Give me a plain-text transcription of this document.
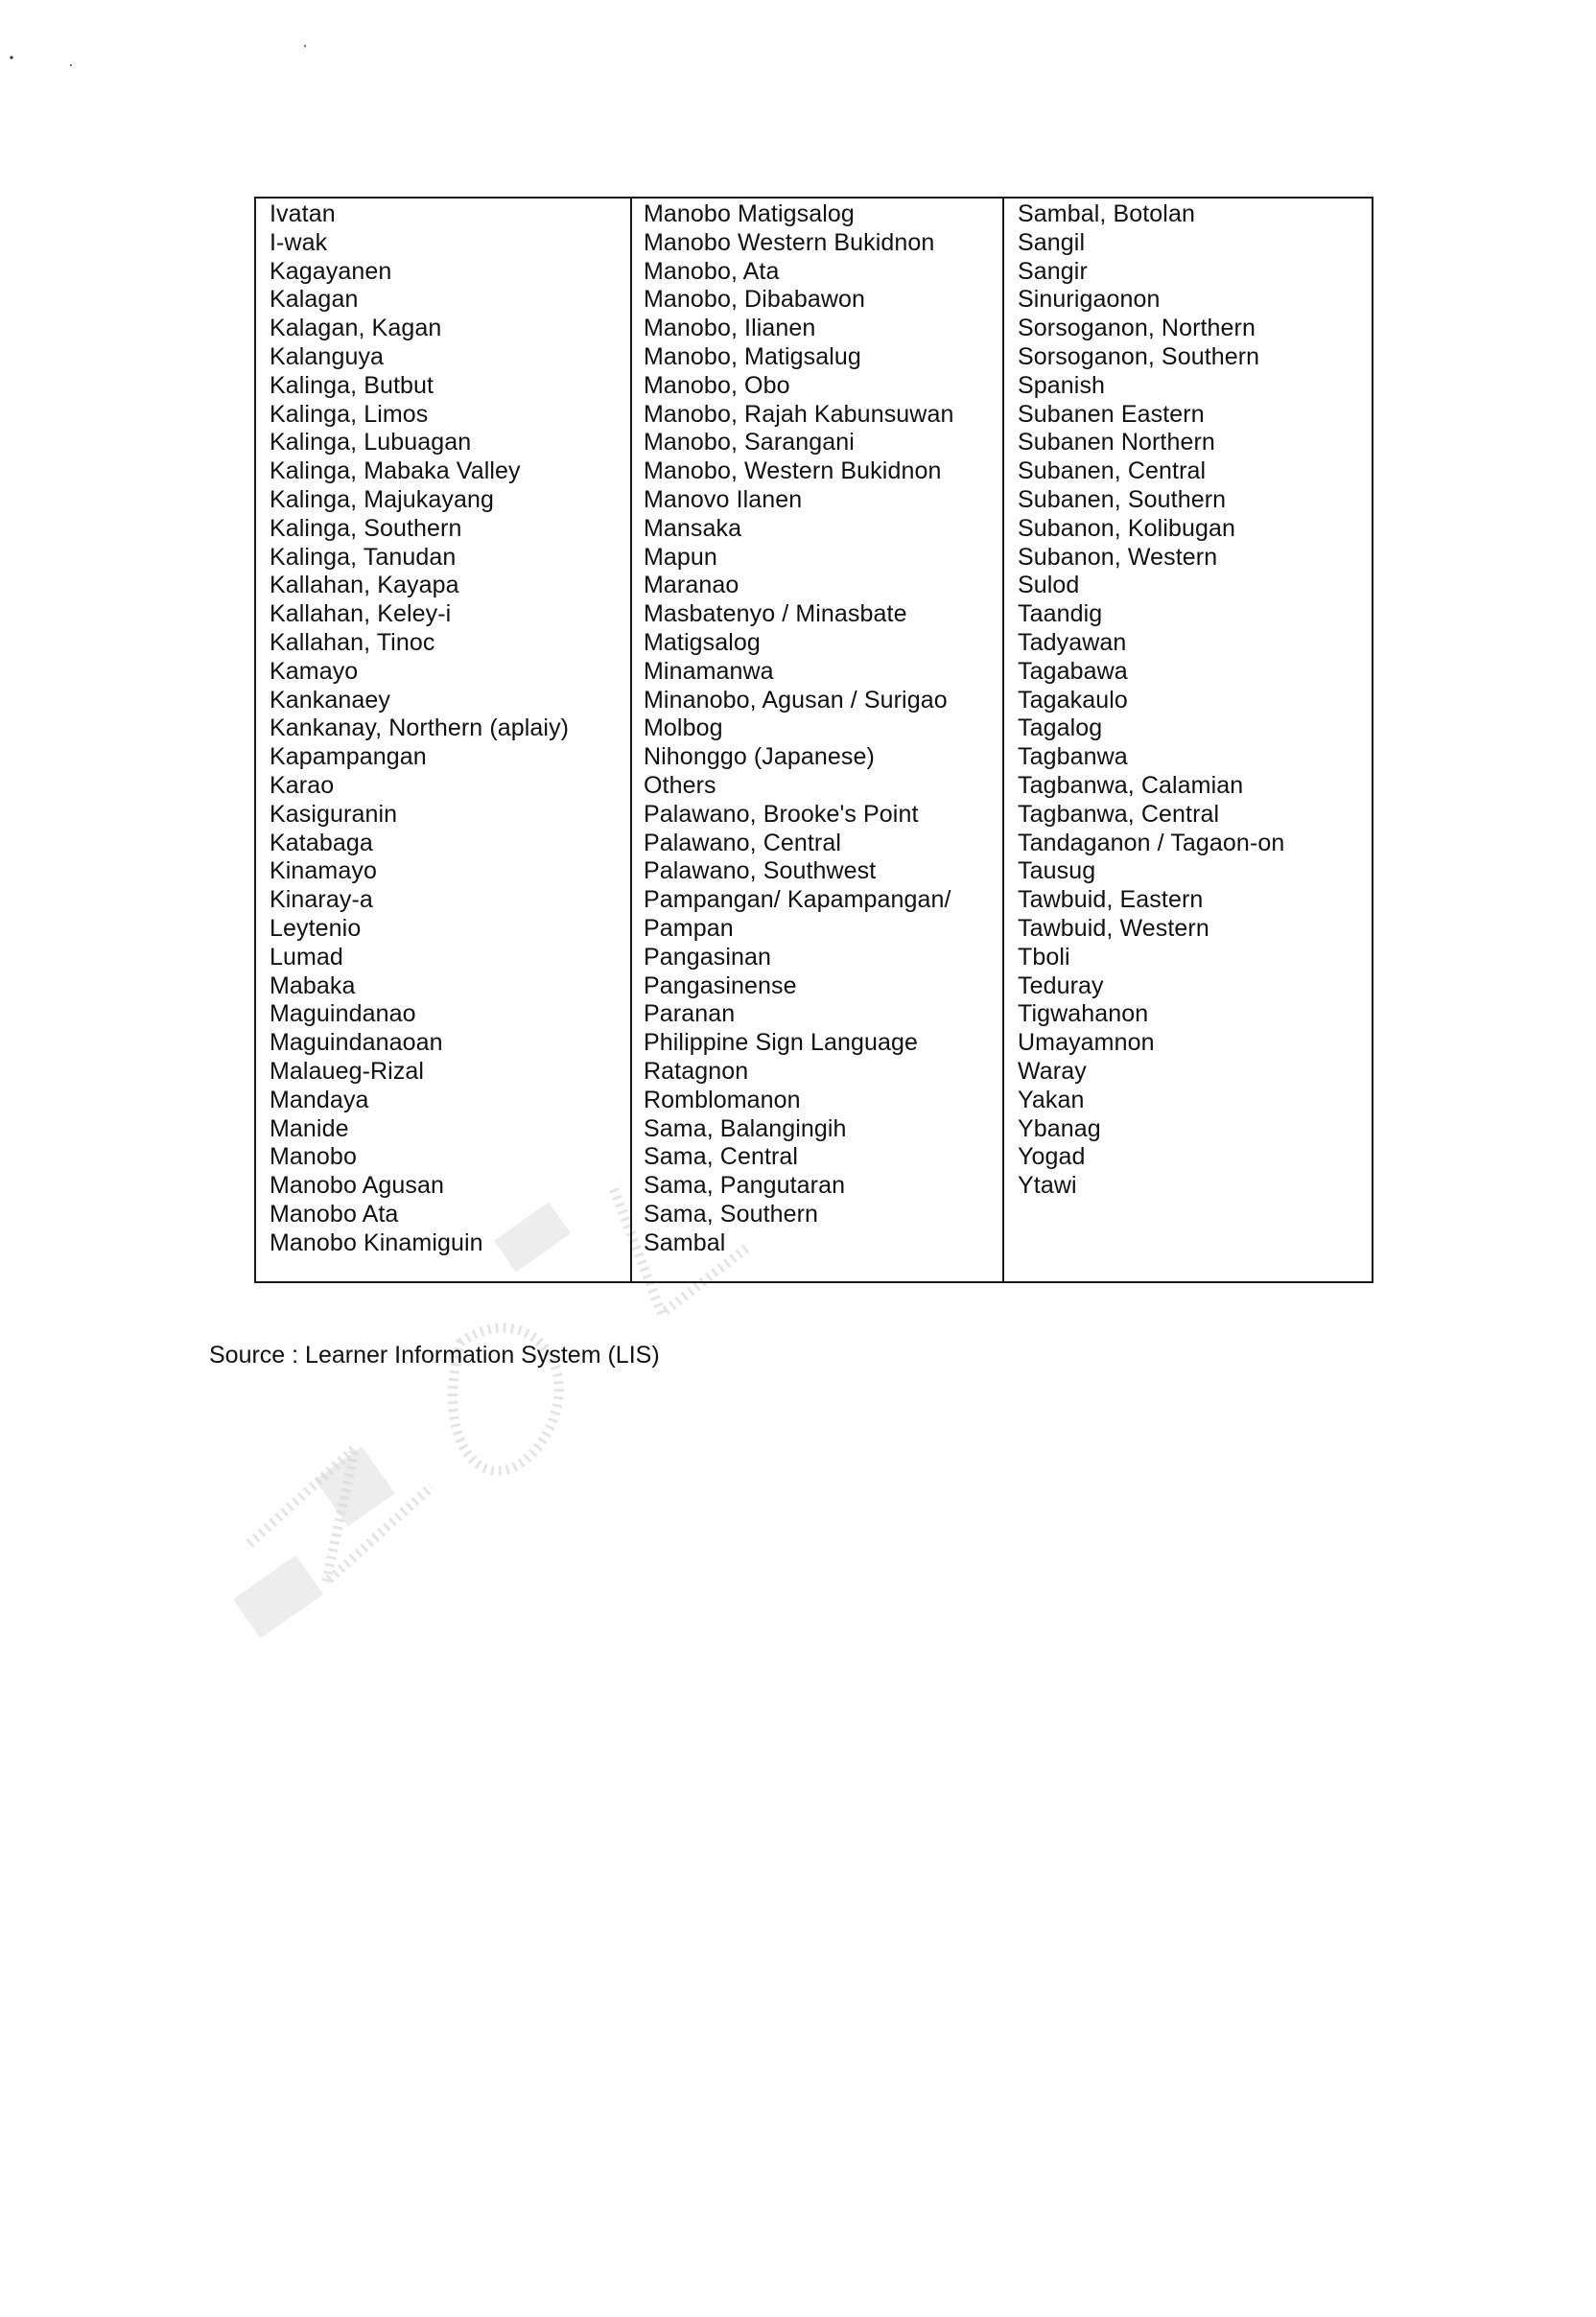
Ivatan
I-wak
Kagayanen
Kalagan
Kalagan, Kagan
Kalanguya
Kalinga, Butbut
Kalinga, Limos
Kalinga, Lubuagan
Kalinga, Mabaka Valley
Kalinga, Majukayang
Kalinga, Southern
Kalinga, Tanudan
Kallahan, Kayapa
Kallahan, Keley-i
Kallahan, Tinoc
Kamayo
Kankanaey
Kankanay, Northern (aplaiy)
Kapampangan
Karao
Kasiguranin
Katabaga
Kinamayo
Kinaray-a
Leytenio
Lumad
Mabaka
Maguindanao
Maguindanaoan
Malaueg-Rizal
Mandaya
Manide
Manobo
Manobo Agusan
Manobo Ata
Manobo Kinamiguin
Manobo Matigsalog
Manobo Western Bukidnon
Manobo, Ata
Manobo, Dibabawon
Manobo, Ilianen
Manobo, Matigsalug
Manobo, Obo
Manobo, Rajah Kabunsuwan
Manobo, Sarangani
Manobo, Western Bukidnon
Manovo Ilanen
Mansaka
Mapun
Maranao
Masbatenyo / Minasbate
Matigsalog
Minamanwa
Minanobo, Agusan / Surigao
Molbog
Nihonggo (Japanese)
Others
Palawano, Brooke's Point
Palawano, Central
Palawano, Southwest
Pampangan/ Kapampangan/
Pampan
Pangasinan
Pangasinense
Paranan
Philippine Sign Language
Ratagnon
Romblomanon
Sama, Balangingih
Sama, Central
Sama, Pangutaran
Sama, Southern
Sambal
Sambal, Botolan
Sangil
Sangir
Sinurigaonon
Sorsoganon, Northern
Sorsoganon, Southern
Spanish
Subanen Eastern
Subanen Northern
Subanen, Central
Subanen, Southern
Subanon, Kolibugan
Subanon, Western
Sulod
Taandig
Tadyawan
Tagabawa
Tagakaulo
Tagalog
Tagbanwa
Tagbanwa, Calamian
Tagbanwa, Central
Tandaganon / Tagaon-on
Tausug
Tawbuid, Eastern
Tawbuid, Western
Tboli
Teduray
Tigwahanon
Umayamnon
Waray
Yakan
Ybanag
Yogad
Ytawi
Source : Learner Information System (LIS)
